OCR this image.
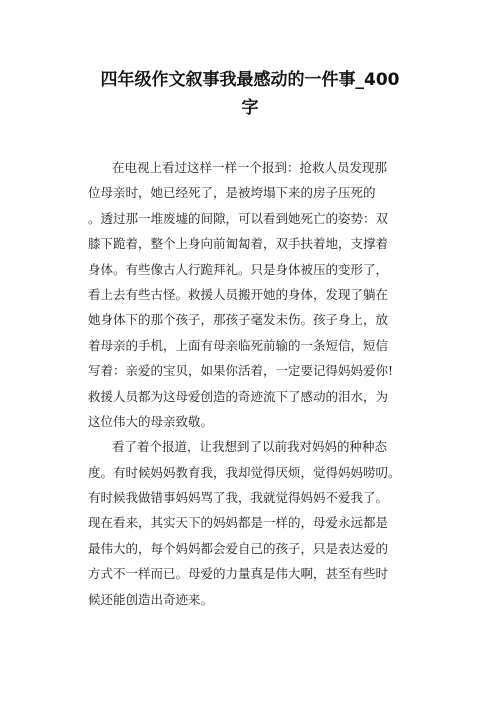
四年级作文叙事我最感动的一件事_400
字
在电视上看过这样一样一个报到：抢救人员发现那
位母亲时，她已经死了，是被垮塌下来的房子压死的
。透过那一堆废墟的间隙，可以看到她死亡的姿势：双
膝下跪着，整个上身向前匍匐着，双手扶着地，支撑着
身体。有些像古人行跪拜礼。只是身体被压的变形了，
看上去有些古怪。救援人员搬开她的身体，发现了躺在
她身体下的那个孩子，那孩子毫发未伤。孩子身上，放
着母亲的手机，上面有母亲临死前输的一条短信，短信
写着：亲爱的宝贝，如果你活着，一定要记得妈妈爱你!
救援人员都为这母爱创造的奇迹流下了感动的泪水，为
这位伟大的母亲致敬。
看了着个报道，让我想到了以前我对妈妈的种种态
度。有时候妈妈教育我，我却觉得厌烦，觉得妈妈唠叨。
有时候我做错事妈妈骂了我，我就觉得妈妈不爱我了。
现在看来，其实天下的妈妈都是一样的，母爱永远都是
最伟大的，每个妈妈都会爱自己的孩子，只是表达爱的
方式不一样而已。母爱的力量真是伟大啊，甚至有些时
候还能创造出奇迹来。
